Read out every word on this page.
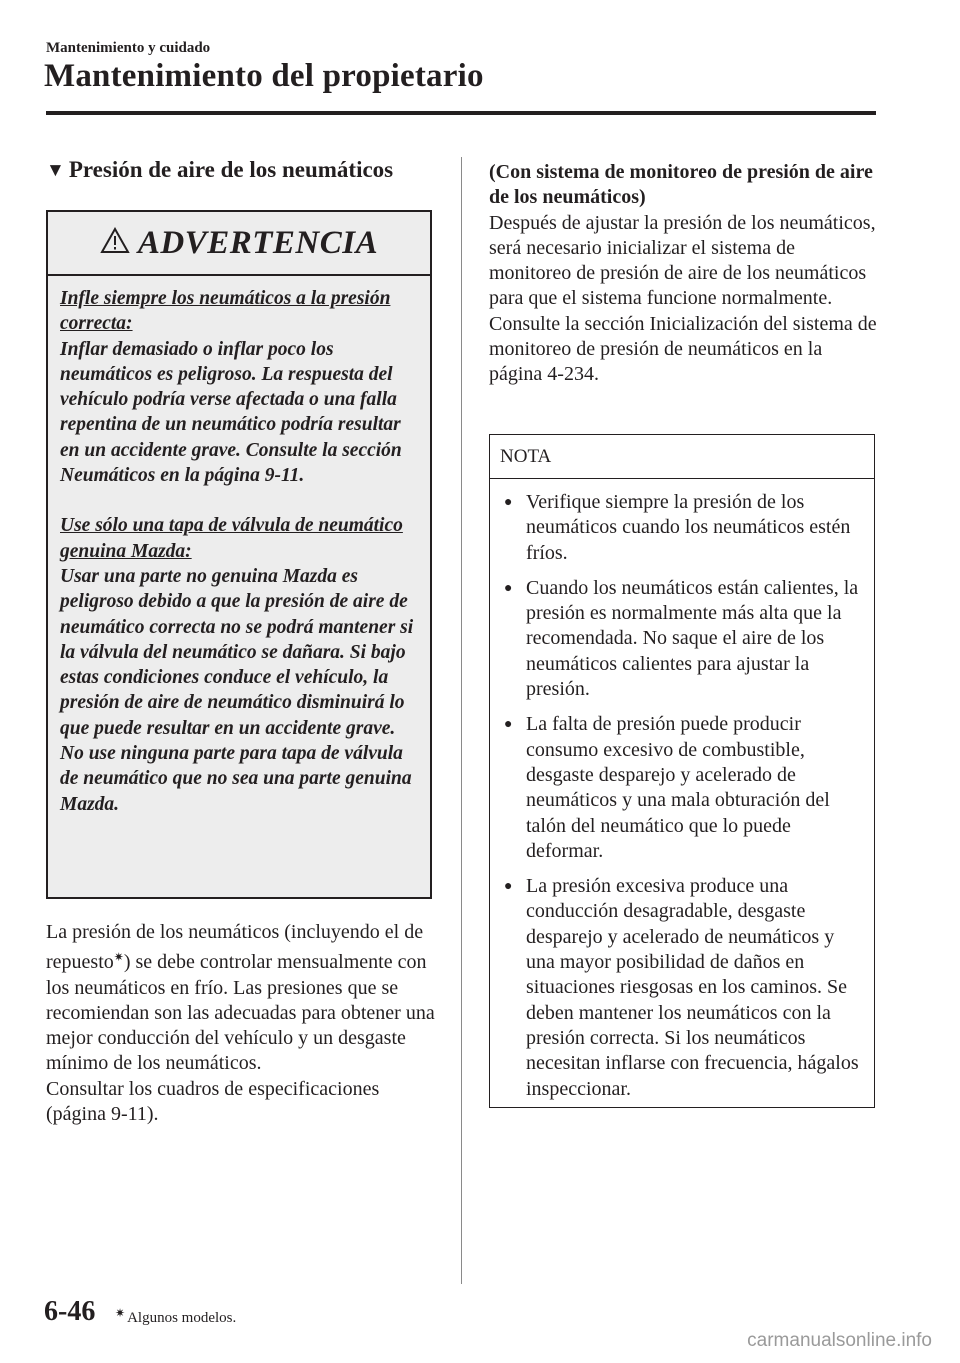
Mantenimiento y cuidado
Mantenimiento del propietario
▼ Presión de aire de los neumáticos
ADVERTENCIA

Infle siempre los neumáticos a la presión correcta:

Inflar demasiado o inflar poco los neumáticos es peligroso. La respuesta del vehículo podría verse afectada o una falla repentina de un neumático podría resultar en un accidente grave. Consulte la sección Neumáticos en la página 9-11.

Use sólo una tapa de válvula de neumático genuina Mazda:

Usar una parte no genuina Mazda es peligroso debido a que la presión de aire de neumático correcta no se podrá mantener si la válvula del neumático se dañara. Si bajo estas condiciones conduce el vehículo, la presión de aire de neumático disminuirá lo que puede resultar en un accidente grave. No use ninguna parte para tapa de válvula de neumático que no sea una parte genuina Mazda.

La presión de los neumáticos (incluyendo el de repuesto✷) se debe controlar mensualmente con los neumáticos en frío. Las presiones que se recomiendan son las adecuadas para obtener una mejor conducción del vehículo y un desgaste mínimo de los neumáticos.

Consultar los cuadros de especificaciones (página 9-11).

(Con sistema de monitoreo de presión de aire de los neumáticos)

Después de ajustar la presión de los neumáticos, será necesario inicializar el sistema de monitoreo de presión de aire de los neumáticos para que el sistema funcione normalmente.

Consulte la sección Inicialización del sistema de monitoreo de presión de neumáticos en la página 4-234.

NOTA
● Verifique siempre la presión de los neumáticos cuando los neumáticos estén fríos.
● Cuando los neumáticos están calientes, la presión es normalmente más alta que la recomendada. No saque el aire de los neumáticos calientes para ajustar la presión.
● La falta de presión puede producir consumo excesivo de combustible, desgaste desparejo y acelerado de neumáticos y una mala obturación del talón del neumático que lo puede deformar.
● La presión excesiva produce una conducción desagradable, desgaste desparejo y acelerado de neumáticos y una mayor posibilidad de daños en situaciones riesgosas en los caminos. Se deben mantener los neumáticos con la presión correcta. Si los neumáticos necesitan inflarse con frecuencia, hágalos inspeccionar.
6-46 ✷ Algunos modelos.
carmanualsonline.info
